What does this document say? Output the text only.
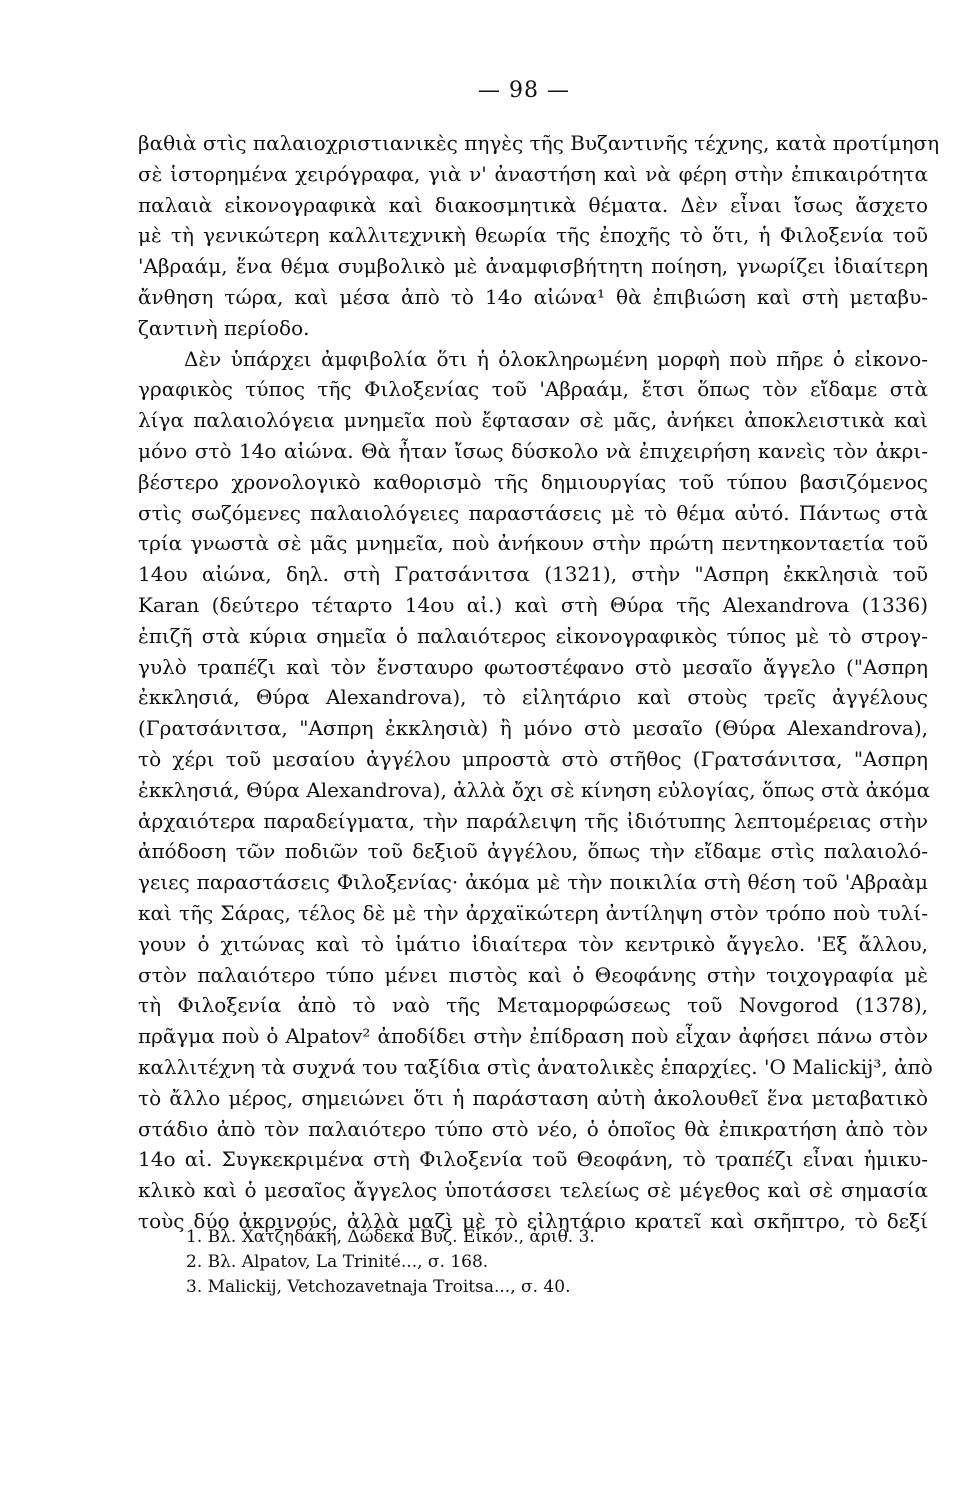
— 98 —
βαθιὰ στὶς παλαιοχριστιανικὲς πηγὲς τῆς Βυζαντινῆς τέχνης, κατὰ προτίμηση
σὲ ἱστορημένα χειρόγραφα, γιὰ ν' ἀναστήση καὶ νὰ φέρη στὴν ἐπικαιρότητα
παλαιὰ εἰκονογραφικὰ καὶ διακοσμητικὰ θέματα. Δὲν εἶναι ἴσως ἄσχετο
μὲ τὴ γενικώτερη καλλιτεχνικὴ θεωρία τῆς ἐποχῆς τὸ ὅτι, ἡ Φιλοξενία τοῦ
'Αβραάμ, ἕνα θέμα συμβολικὸ μὲ ἀναμφισβήτητη ποίηση, γνωρίζει ἰδιαίτερη
ἄνθηση τώρα, καὶ μέσα ἀπὸ τὸ 14ο αἰώνα¹ θὰ ἐπιβιώση καὶ στὴ μεταβυ-
ζαντινὴ περίοδο.
Δὲν ὑπάρχει ἀμφιβολία ὅτι ἡ ὁλοκληρωμένη μορφὴ ποὺ πῆρε ὁ εἰκονο-
γραφικὸς τύπος τῆς Φιλοξενίας τοῦ 'Αβραάμ, ἔτσι ὅπως τὸν εἴδαμε στὰ
λίγα παλαιολόγεια μνημεῖα ποὺ ἔφτασαν σὲ μᾶς, ἀνήκει ἀποκλειστικὰ καὶ
μόνο στὸ 14ο αἰώνα. Θὰ ἦταν ἴσως δύσκολο νὰ ἐπιχειρήση κανεὶς τὸν ἀκρι-
βέστερο χρονολογικὸ καθορισμὸ τῆς δημιουργίας τοῦ τύπου βασιζόμενος
στὶς σωζόμενες παλαιολόγειες παραστάσεις μὲ τὸ θέμα αὐτό. Πάντως στὰ
τρία γνωστὰ σὲ μᾶς μνημεῖα, ποὺ ἀνήκουν στὴν πρώτη πεντηκονταετία τοῦ
14ου αἰώνα, δηλ. στὴ Γρατσάνιτσα (1321), στὴν "Ασπρη ἐκκλησιὰ τοῦ
Karan (δεύτερο τέταρτο 14ου αἰ.) καὶ στὴ Θύρα τῆς Alexandrova (1336)
ἐπιζῆ στὰ κύρια σημεῖα ὁ παλαιότερος εἰκονογραφικὸς τύπος μὲ τὸ στρογ-
γυλὸ τραπέζι καὶ τὸν ἔνσταυρο φωτοστέφανο στὸ μεσαῖο ἄγγελο ("Ασπρη
ἐκκλησιά, Θύρα Alexandrova), τὸ εἰλητάριο καὶ στοὺς τρεῖς ἀγγέλους
(Γρατσάνιτσα, "Ασπρη ἐκκλησιὰ) ἢ μόνο στὸ μεσαῖο (Θύρα Alexandrova),
τὸ χέρι τοῦ μεσαίου ἀγγέλου μπροστὰ στὸ στῆθος (Γρατσάνιτσα, "Ασπρη
ἐκκλησιά, Θύρα Alexandrova), ἀλλὰ ὄχι σὲ κίνηση εὐλογίας, ὅπως στὰ ἀκόμα
ἀρχαιότερα παραδείγματα, τὴν παράλειψη τῆς ἰδιότυπης λεπτομέρειας στὴν
ἀπόδοση τῶν ποδιῶν τοῦ δεξιοῦ ἀγγέλου, ὅπως τὴν εἴδαμε στὶς παλαιολό-
γειες παραστάσεις Φιλοξενίας· ἀκόμα μὲ τὴν ποικιλία στὴ θέση τοῦ 'Αβραὰμ
καὶ τῆς Σάρας, τέλος δὲ μὲ τὴν ἀρχαϊκώτερη ἀντίληψη στὸν τρόπο ποὺ τυλί-
γουν ὁ χιτώνας καὶ τὸ ἱμάτιο ἰδιαίτερα τὸν κεντρικὸ ἄγγελο. 'Εξ ἄλλου,
στὸν παλαιότερο τύπο μένει πιστὸς καὶ ὁ Θεοφάνης στὴν τοιχογραφία μὲ
τὴ Φιλοξενία ἀπὸ τὸ ναὸ τῆς Μεταμορφώσεως τοῦ Novgorod (1378),
πρᾶγμα ποὺ ὁ Alpatov² ἀποδίδει στὴν ἐπίδραση ποὺ εἶχαν ἀφήσει πάνω στὸν
καλλιτέχνη τὰ συχνά του ταξίδια στὶς ἀνατολικὲς ἐπαρχίες. 'Ο Malickij³, ἀπὸ
τὸ ἄλλο μέρος, σημειώνει ὅτι ἡ παράσταση αὐτὴ ἀκολουθεῖ ἕνα μεταβατικὸ
στάδιο ἀπὸ τὸν παλαιότερο τύπο στὸ νέο, ὁ ὁποῖος θὰ ἐπικρατήση ἀπὸ τὸν
14ο αἰ. Συγκεκριμένα στὴ Φιλοξενία τοῦ Θεοφάνη, τὸ τραπέζι εἶναι ἡμικυ-
κλικὸ καὶ ὁ μεσαῖος ἄγγελος ὑποτάσσει τελείως σὲ μέγεθος καὶ σὲ σημασία
τοὺς δύο ἀκρινούς, ἀλλὰ μαζὶ μὲ τὸ εἰλητάριο κρατεῖ καὶ σκῆπτρο, τὸ δεξί
1. Βλ. Χατζηδάκη, Δώδεκα Βυζ. Εἰκόν., ἀριθ. 3.
2. Βλ. Alpatov, La Trinité..., σ. 168.
3. Malickij, Vetchozavetnaja Troitsa..., σ. 40.
